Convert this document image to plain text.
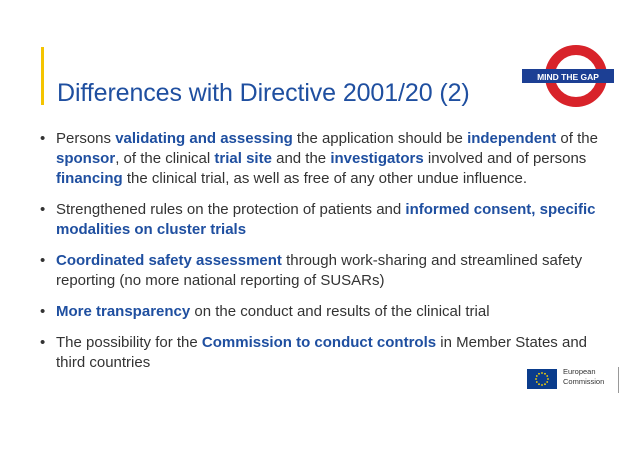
Differences with Directive 2001/20 (2)
MIND THE GAP
• Persons validating and assessing the application should be independent of the sponsor, of the clinical trial site and the investigators involved and of persons financing the clinical trial, as well as free of any other undue influence.
• Strengthened rules on the protection of patients and informed consent, specific modalities on cluster trials
• Coordinated safety assessment through work-sharing and streamlined safety reporting (no more national reporting of SUSARs)
• More transparency on the conduct and results of the clinical trial
• The possibility for the Commission to conduct controls in Member States and third countries
European
Commission
